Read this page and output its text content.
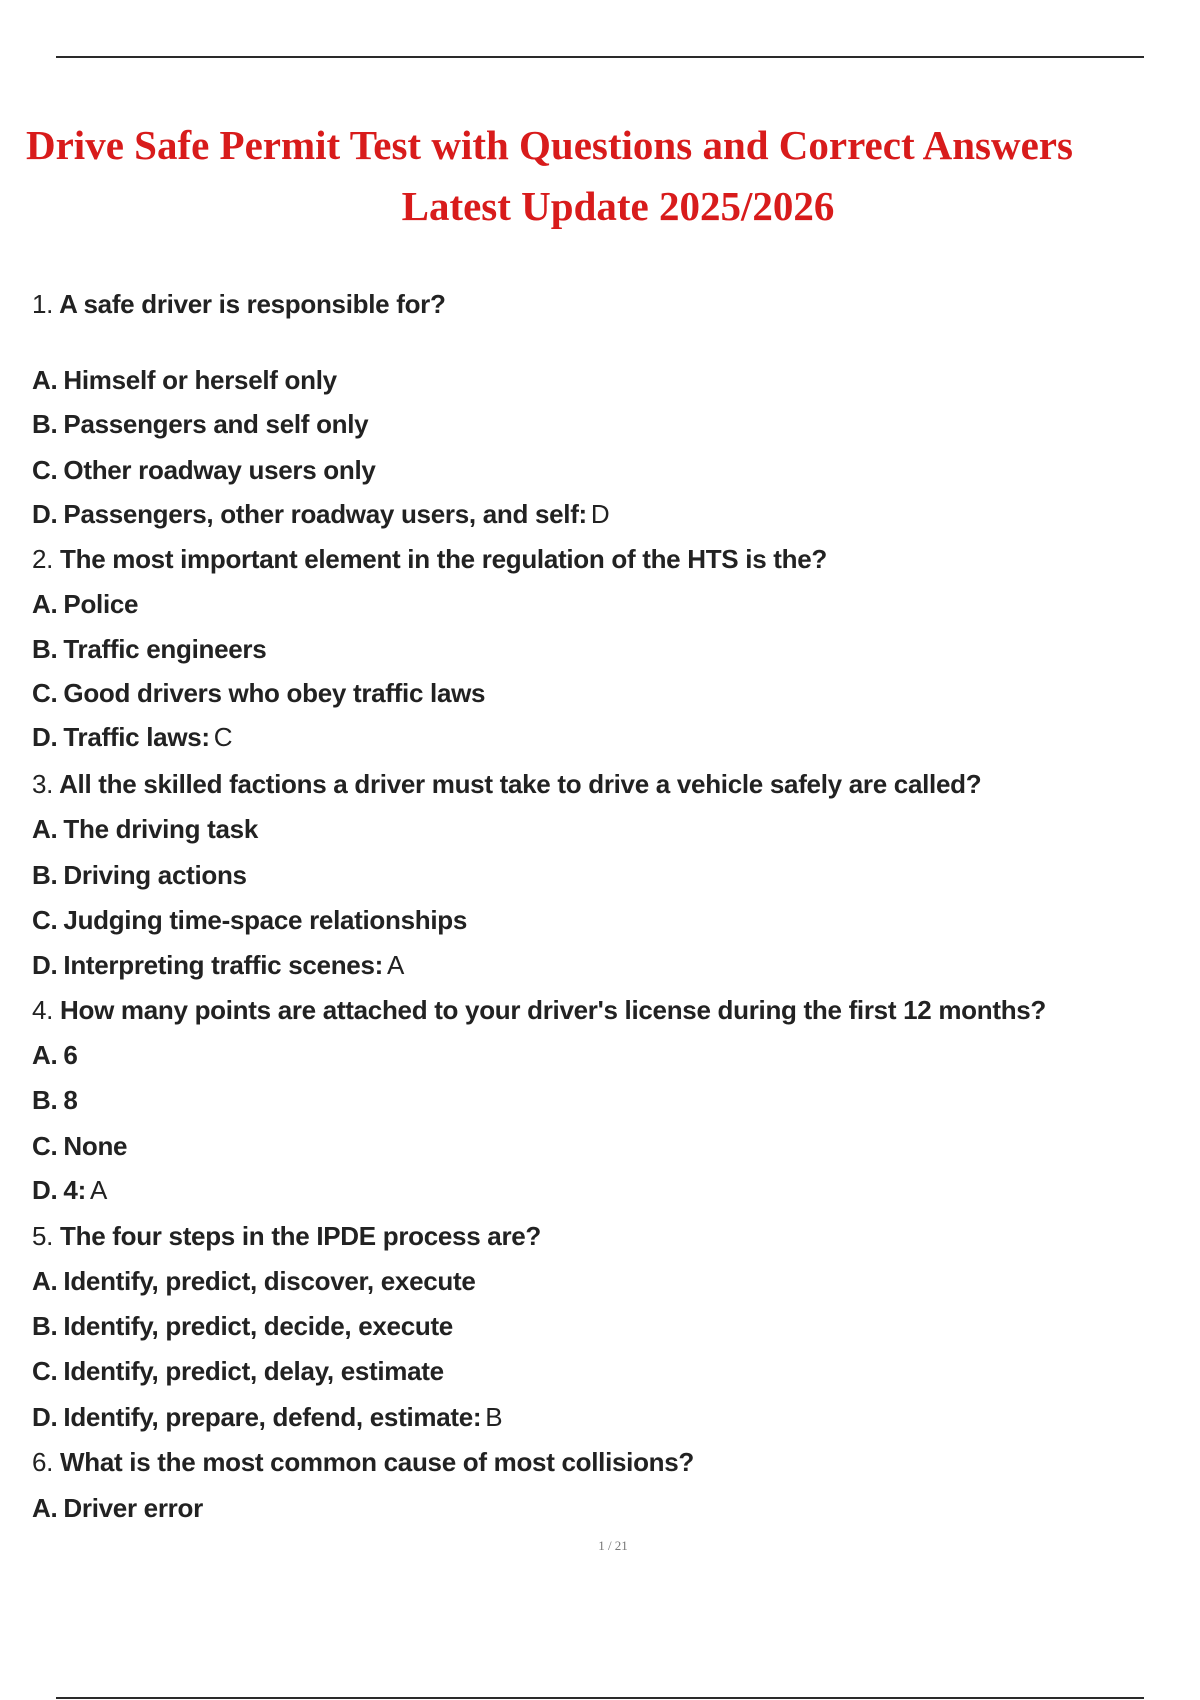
Drive Safe Permit Test with Questions and Correct Answers
Latest Update 2025/2026
1. A safe driver is responsible for?
A. Himself or herself only
B. Passengers and self only
C. Other roadway users only
D. Passengers, other roadway users, and self: D
2. The most important element in the regulation of the HTS is the?
A. Police
B. Traffic engineers
C. Good drivers who obey traffic laws
D. Traffic laws: C
3. All the skilled factions a driver must take to drive a vehicle safely are called?
A. The driving task
B. Driving actions
C. Judging time-space relationships
D. Interpreting traffic scenes: A
4. How many points are attached to your driver's license during the first 12 months?
A. 6
B. 8
C. None
D. 4: A
5. The four steps in the IPDE process are?
A. Identify, predict, discover, execute
B. Identify, predict, decide, execute
C. Identify, predict, delay, estimate
D. Identify, prepare, defend, estimate: B
6. What is the most common cause of most collisions?
A. Driver error
1 / 21
